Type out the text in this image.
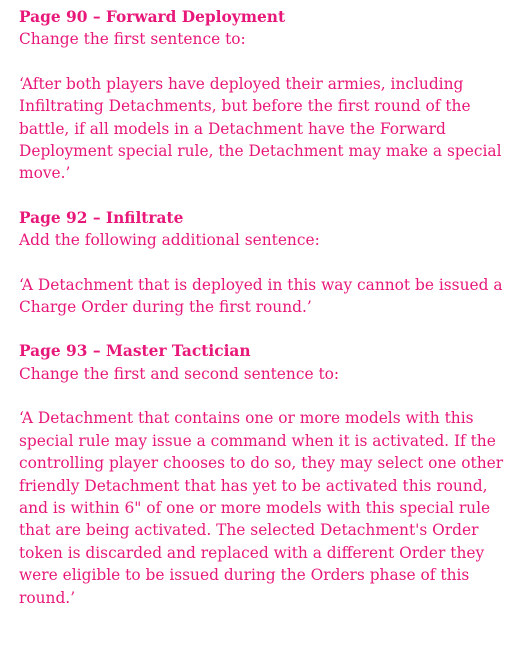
Page 90 – Forward Deployment

Change the first sentence to:

‘After both players have deployed their armies, including Infiltrating Detachments, but before the first round of the battle, if all models in a Detachment have the Forward Deployment special rule, the Detachment may make a special move.’

Page 92 – Infiltrate

Add the following additional sentence:

‘A Detachment that is deployed in this way cannot be issued a Charge Order during the first round.’

Page 93 – Master Tactician

Change the first and second sentence to:

‘A Detachment that contains one or more models with this special rule may issue a command when it is activated. If the controlling player chooses to do so, they may select one other friendly Detachment that has yet to be activated this round, and is within 6" of one or more models with this special rule that are being activated. The selected Detachment's Order token is discarded and replaced with a different Order they were eligible to be issued during the Orders phase of this round.’
